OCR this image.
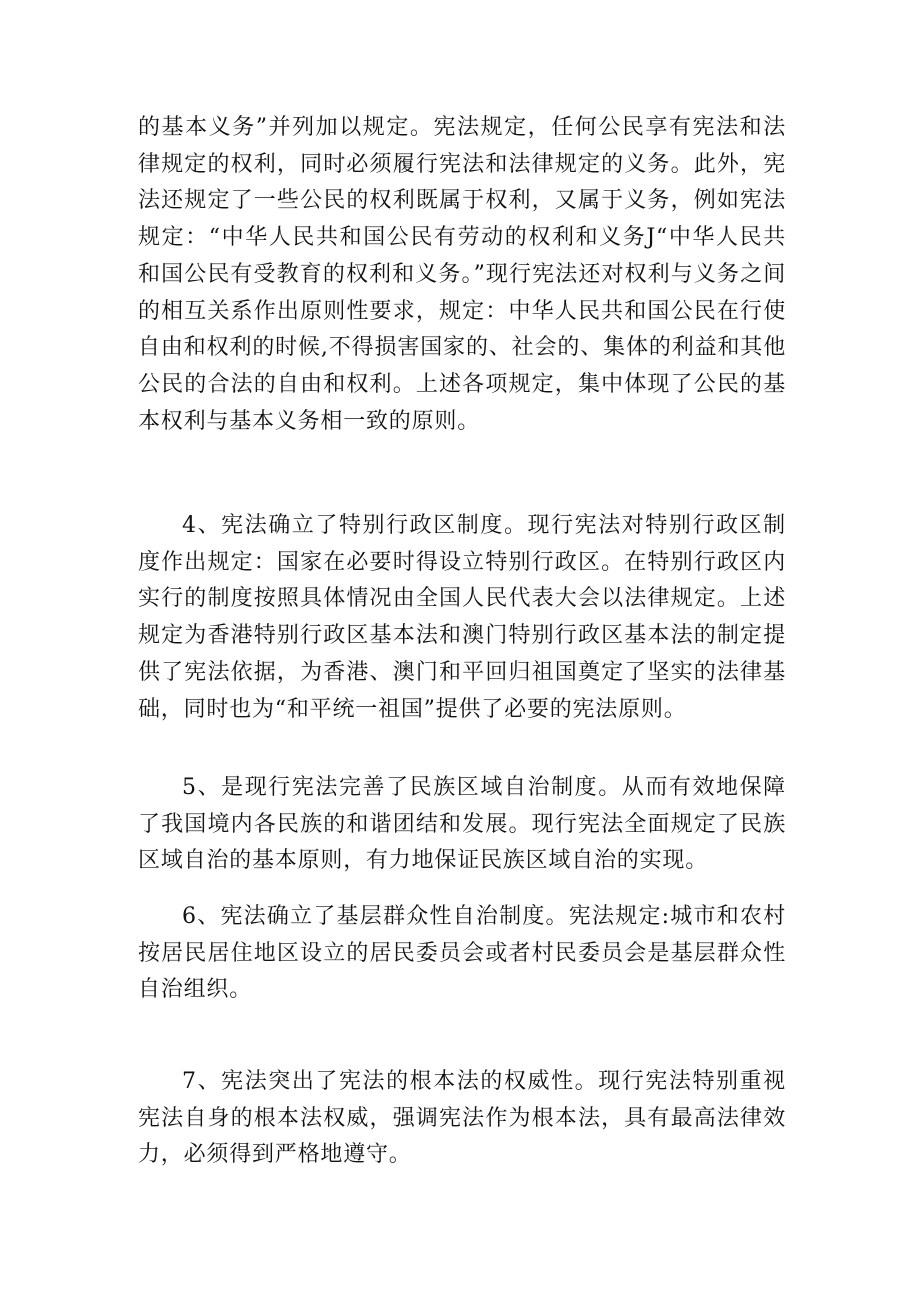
的基本义务”并列加以规定。宪法规定，任何公民享有宪法和法律规定的权利，同时必须履行宪法和法律规定的义务。此外，宪法还规定了一些公民的权利既属于权利，又属于义务，例如宪法规定：“中华人民共和国公民有劳动的权利和义务J“中华人民共和国公民有受教育的权利和义务。”现行宪法还对权利与义务之间的相互关系作出原则性要求，规定：中华人民共和国公民在行使自由和权利的时候,不得损害国家的、社会的、集体的利益和其他公民的合法的自由和权利。上述各项规定，集中体现了公民的基本权利与基本义务相一致的原则。

4、宪法确立了特别行政区制度。现行宪法对特别行政区制度作出规定：国家在必要时得设立特别行政区。在特别行政区内实行的制度按照具体情况由全国人民代表大会以法律规定。上述规定为香港特别行政区基本法和澳门特别行政区基本法的制定提供了宪法依据，为香港、澳门和平回归祖国奠定了坚实的法律基础，同时也为“和平统一祖国”提供了必要的宪法原则。

5、是现行宪法完善了民族区域自治制度。从而有效地保障了我国境内各民族的和谐团结和发展。现行宪法全面规定了民族区域自治的基本原则，有力地保证民族区域自治的实现。

6、宪法确立了基层群众性自治制度。宪法规定:城市和农村按居民居住地区设立的居民委员会或者村民委员会是基层群众性自治组织。

7、宪法突出了宪法的根本法的权威性。现行宪法特别重视宪法自身的根本法权威，强调宪法作为根本法，具有最高法律效力，必须得到严格地遵守。
